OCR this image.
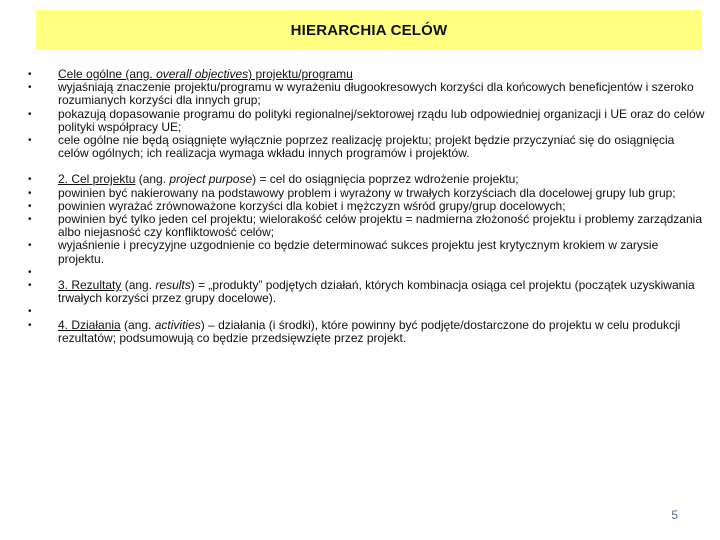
HIERARCHIA CELÓW
•	Cele ogólne (ang. overall objectives) projektu/programu
•	wyjaśniają znaczenie projektu/programu w wyrażeniu długookresowych korzyści dla końcowych beneficjentów i szeroko rozumianych korzyści dla innych grup;
•	pokazują dopasowanie programu do polityki regionalnej/sektorowej rządu lub odpowiedniej organizacji i UE oraz do celów polityki współpracy UE;
•	cele ogólne nie będą osiągnięte wyłącznie poprzez realizację projektu; projekt będzie przyczyniać się do osiągnięcia celów ogólnych; ich realizacja wymaga wkładu innych programów i projektów.
•	2. Cel projektu (ang. project purpose) = cel do osiągnięcia poprzez wdrożenie projektu;
•	powinien być nakierowany na podstawowy problem i wyrażony w trwałych korzyściach dla docelowej grupy lub grup;
•	powinien wyrażać zrównoważone korzyści dla kobiet i mężczyzn wśród grupy/grup docelowych;
•	powinien być tylko jeden cel projektu; wielorakość celów projektu = nadmierna złożoność projektu i problemy zarządzania albo niejasność czy konfliktowość celów;
•	wyjaśnienie i precyzyjne uzgodnienie co będzie determinować sukces projektu jest krytycznym krokiem w zarysie projektu.
•
•	3. Rezultaty (ang. results) = „produkty” podjętych działań, których kombinacja osiąga cel projektu (początek uzyskiwania trwałych korzyści przez grupy docelowe).
•
•	4. Działania (ang. activities) – działania (i środki), które powinny być podjęte/dostarczone do projektu w celu produkcji rezultatów; podsumowują co będzie przedsięwzięte przez projekt.
5
